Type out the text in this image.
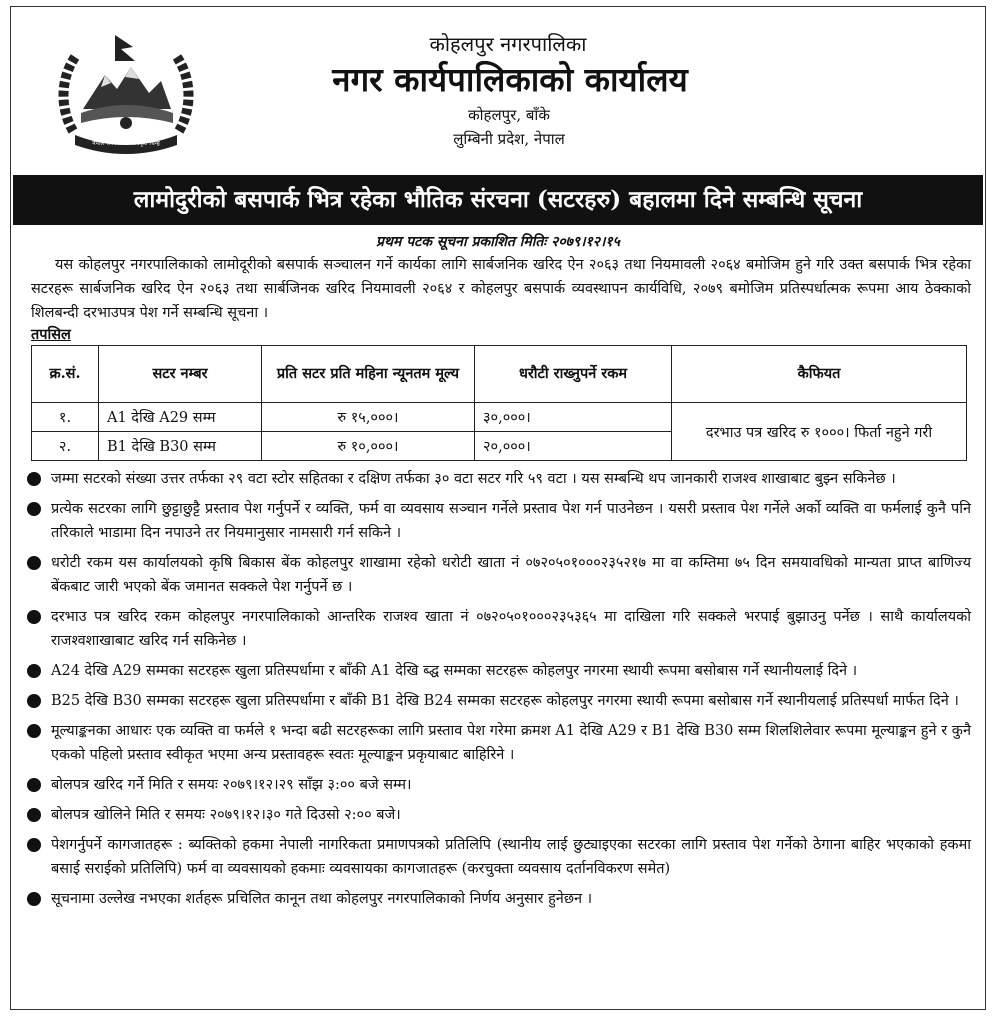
नेपाल सरकारको अधिकृत चिन्ह
कोहलपुर नगरपालिका
नगर कार्यपालिकाको कार्यालय
कोहलपुर, बाँके
लुम्बिनी प्रदेश, नेपाल
लामोदुरीको बसपार्क भित्र रहेका भौतिक संरचना (सटरहरु) बहालमा दिने सम्बन्धि सूचना
प्रथम पटक सूचना प्रकाशित मितिः २०७९।१२।१५
यस कोहलपुर नगरपालिकाको लामोदूरीको बसपार्क सञ्चालन गर्ने कार्यका लागि सार्बजनिक खरिद ऐन २०६३ तथा नियमावली २०६४ बमोजिम हुने गरि उक्त बसपार्क भित्र रहेका सटरहरू सार्बजनिक खरिद ऐन २०६३ तथा सार्बजिनक खरिद नियमावली २०६४ र कोहलपुर बसपार्क व्यवस्थापन कार्यविधि, २०७९ बमोजिम प्रतिस्पर्धात्मक रूपमा आय ठेक्काको शिलबन्दी दरभाउपत्र पेश गर्ने सम्बन्धि सूचना ।
तपसिल
क्र.सं.	सटर नम्बर	प्रति सटर प्रति महिना न्यूनतम मूल्य	धरौटी राख्नुपर्ने रकम	कैफियत
१.	A1 देखि A29 सम्म	रु १५,०००।	३०,०००।	दरभाउ पत्र खरिद रु १०००। फिर्ता नहुने गरी
२.	B1 देखि B30 सम्म	रु १०,०००।	२०,०००।	
जम्मा सटरको संख्या उत्तर तर्फका २९ वटा स्टोर सहितका र दक्षिण तर्फका ३० वटा सटर गरि ५९ वटा । यस सम्बन्धि थप जानकारी राजश्व शाखाबाट बुझ्न सकिनेछ ।
प्रत्येक सटरका लागि छुट्टाछुट्टै प्रस्ताव पेश गर्नुपर्ने र व्यक्ति, फर्म वा व्यवसाय सञ्चान गर्नेले प्रस्ताव पेश गर्न पाउनेछन । यसरी प्रस्ताव पेश गर्नेले अर्को व्यक्ति वा फर्मलाई कुनै पनि तरिकाले भाडामा दिन नपाउने तर नियमानुसार नामसारी गर्न सकिने ।
धरोटी रकम यस कार्यालयको कृषि बिकास बेंक कोहलपुर शाखामा रहेको धरोटी खाता नं ०७२०५०१०००२३५२१७ मा वा कम्तिमा ७५ दिन समयावधिको मान्यता प्राप्त बाणिज्य बेंकबाट जारी भएको बेंक जमानत सक्कले पेश गर्नुपर्ने छ ।
दरभाउ पत्र खरिद रकम कोहलपुर नगरपालिकाको आन्तरिक राजश्व खाता नं ०७२०५०१०००२३५३६५ मा दाखिला गरि सक्कले भरपाई बुझाउनु पर्नेछ । साथै कार्यालयको राजश्वशाखाबाट खरिद गर्न सकिनेछ ।
A24 देखि A29 सम्मका सटरहरू खुला प्रतिस्पर्धामा र बाँकी A1 देखि ब्द्घ सम्मका सटरहरू कोहलपुर नगरमा स्थायी रूपमा बसोबास गर्ने स्थानीयलाई दिने ।
B25 देखि B30 सम्मका सटरहरू खुला प्रतिस्पर्धामा र बाँकी B1 देखि B24 सम्मका सटरहरू कोहलपुर नगरमा स्थायी रूपमा बसोबास गर्ने स्थानीयलाई प्रतिस्पर्धा मार्फत दिने ।
मूल्याङ्कनका आधारः एक व्यक्ति वा फर्मले १ भन्दा बढी सटरहरूका लागि प्रस्ताव पेश गरेमा क्रमश A1 देखि A29 र B1 देखि B30 सम्म शिलशिलेवार रूपमा मूल्याङ्कन हुने र कुनै एकको पहिलो प्रस्ताव स्वीकृत भएमा अन्य प्रस्तावहरू स्वतः मूल्याङ्कन प्रकृयाबाट बाहिरिने ।
बोलपत्र खरिद गर्ने मिति र समयः २०७९।१२।२९ साँझ ३:०० बजे सम्म।
बोलपत्र खोलिने मिति र समयः २०७९।१२।३० गते दिउसो २:०० बजे।
पेशगर्नुपर्ने कागजातहरू : ब्यक्तिको हकमा नेपाली नागरिकता प्रमाणपत्रको प्रतिलिपि (स्थानीय लाई छुट्याइएका सटरका लागि प्रस्ताव पेश गर्नेको ठेगाना बाहिर भएकाको हकमा बसाई सराईको प्रतिलिपि) फर्म वा व्यवसायको हकमाः व्यवसायका कागजातहरू (करचुक्ता व्यवसाय दर्तानविकरण समेत)
सूचनामा उल्लेख नभएका शर्तहरू प्रचिलित कानून तथा कोहलपुर नगरपालिकाको निर्णय अनुसार हुनेछन ।
